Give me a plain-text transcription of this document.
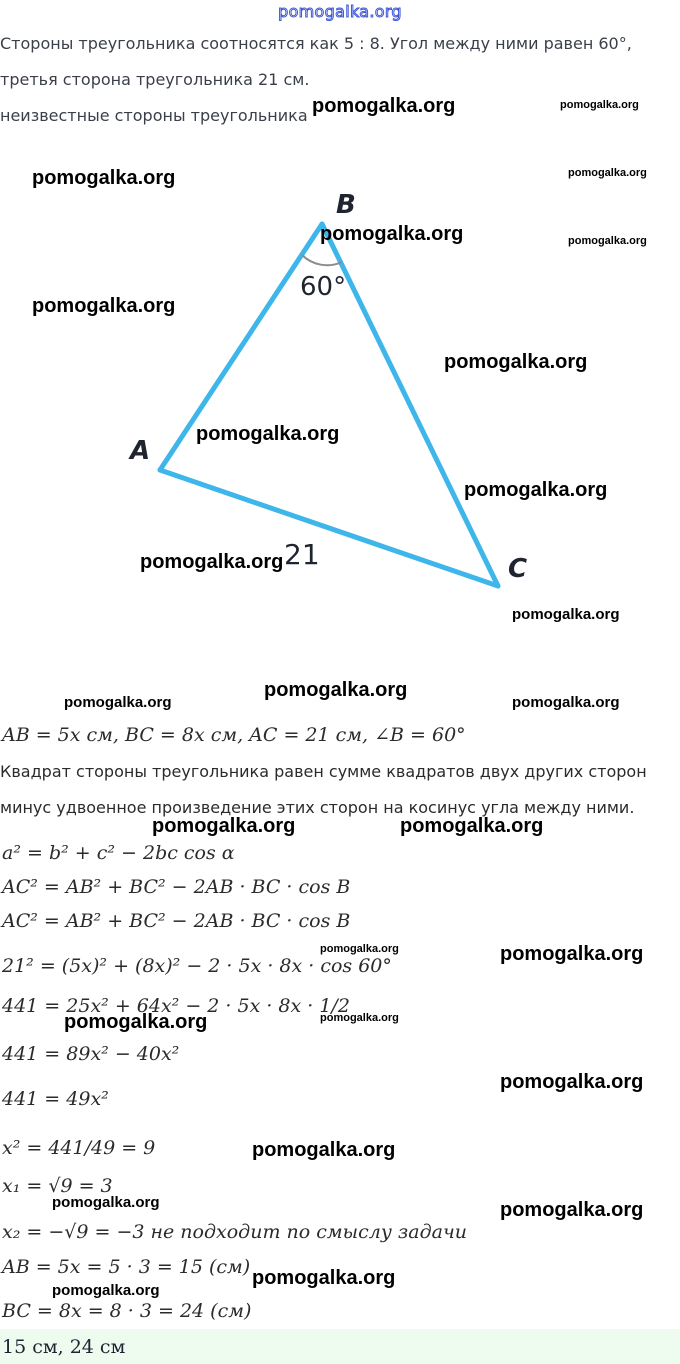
pomogalka.org
Стороны треугольника соотносятся как 5 : 8. Угол между ними равен 60°,
третья сторона треугольника 21 см.
неизвестные стороны треугольника
B
A
C
60°
21
AB = 5x см, BC = 8x см, AC = 21 см, ∠B = 60°
Квадрат стороны треугольника равен сумме квадратов двух других сторон
минус удвоенное произведение этих сторон на косинус угла между ними.
a² = b² + c² − 2bc cos α
AC² = AB² + BC² − 2AB · BC · cos B
AC² = AB² + BC² − 2AB · BC · cos B
21² = (5x)² + (8x)² − 2 · 5x · 8x · cos 60°
441 = 25x² + 64x² − 2 · 5x · 8x · 1/2
441 = 89x² − 40x²
441 = 49x²
x² = 441/49 = 9
x₁ = √9 = 3
x₂ = −√9 = −3 не подходит по смыслу задачи
AB = 5x = 5 · 3 = 15 (см)
BC = 8x = 8 · 3 = 24 (см)
15 см, 24 см
pomogalka.org	pomogalka.org
pomogalka.org	pomogalka.org
pomogalka.org	pomogalka.org
pomogalka.org
pomogalka.org
pomogalka.org
pomogalka.org
pomogalka.org
pomogalka.org
pomogalka.org
pomogalka.org	pomogalka.org
pomogalka.org	pomogalka.org
pomogalka.org	pomogalka.org
pomogalka.org	pomogalka.org
pomogalka.org
pomogalka.org
pomogalka.org	pomogalka.org
pomogalka.org
pomogalka.org
